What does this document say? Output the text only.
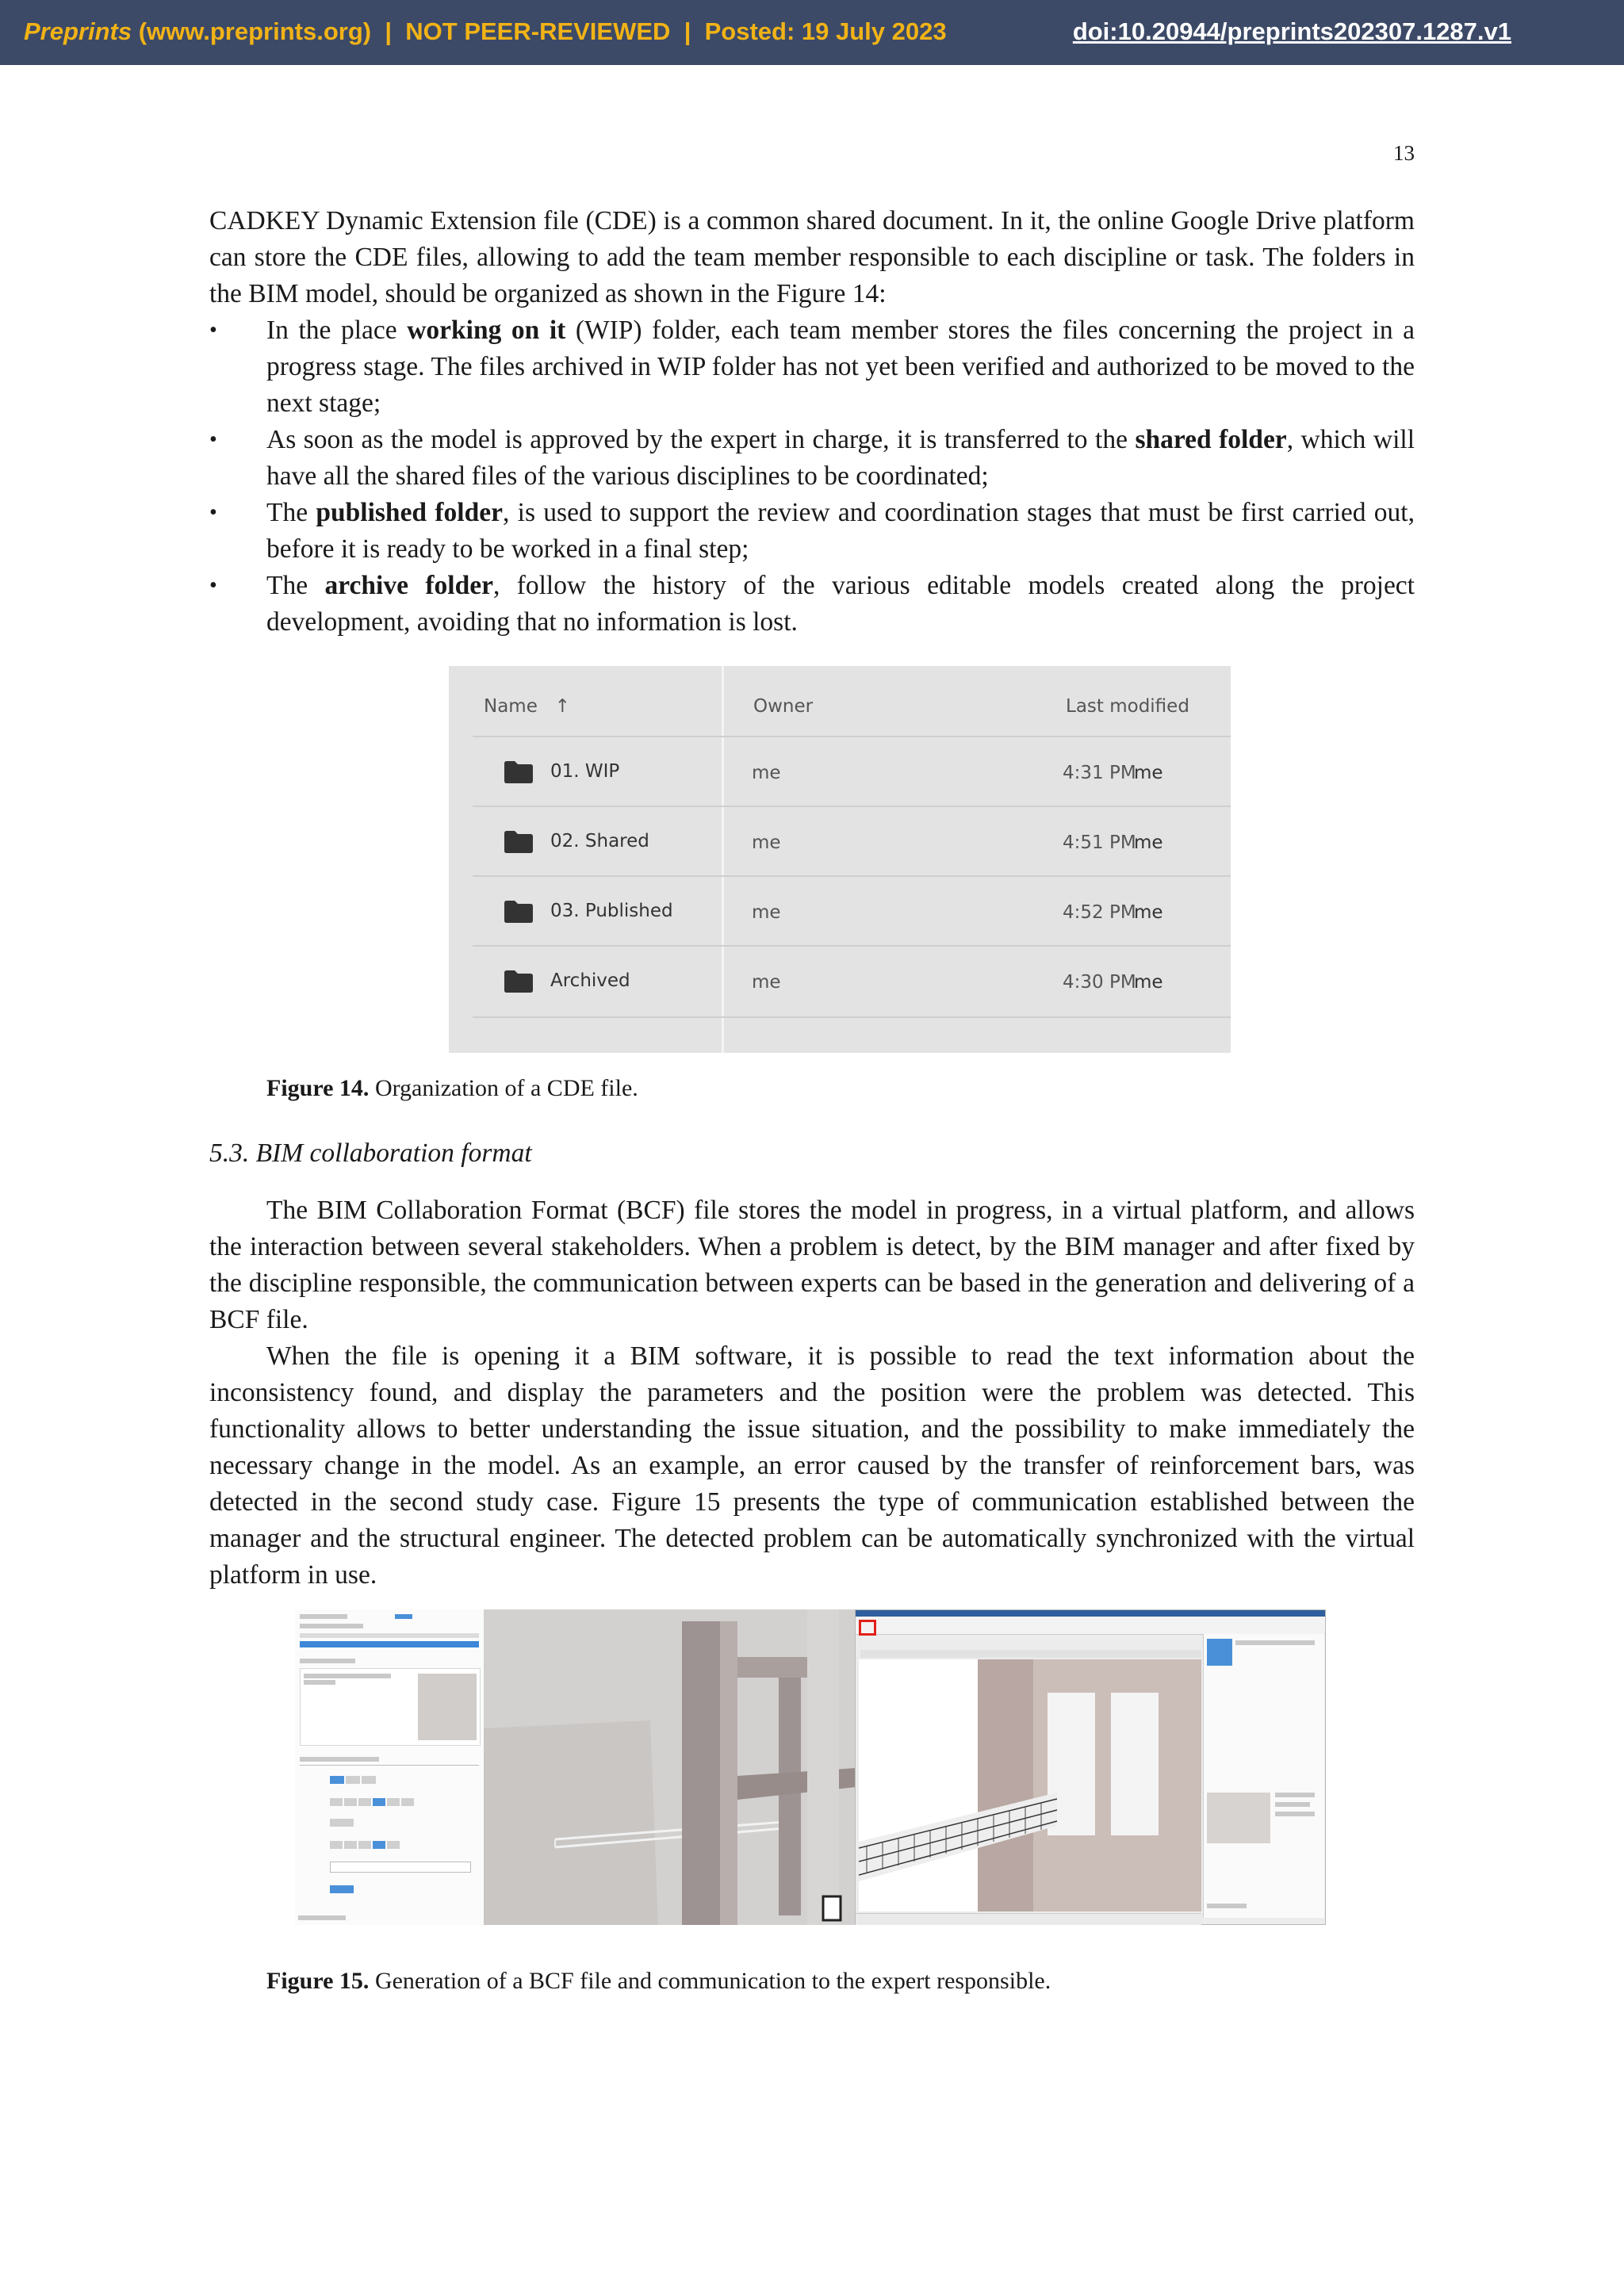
Preprints (www.preprints.org) | NOT PEER-REVIEWED | Posted: 19 July 2023	doi:10.20944/preprints202307.1287.v1
13

CADKEY Dynamic Extension file (CDE) is a common shared document. In it, the online Google Drive platform can store the CDE files, allowing to add the team member responsible to each discipline or task. The folders in the BIM model, should be organized as shown in the Figure 14:

• In the place working on it (WIP) folder, each team member stores the files concerning the project in a progress stage. The files archived in WIP folder has not yet been verified and authorized to be moved to the next stage;
• As soon as the model is approved by the expert in charge, it is transferred to the shared folder, which will have all the shared files of the various disciplines to be coordinated;
• The published folder, is used to support the review and coordination stages that must be first carried out, before it is ready to be worked in a final step;
• The archive folder, follow the history of the various editable models created along the project development, avoiding that no information is lost.
Name ↑	Owner	Last modified
01. WIP	me	4:31 PM
me
02. Shared	me	4:51 PM
me
03. Published	me	4:52 PM
me
Archived	me	4:30 PM
me
Figure 14. Organization of a CDE file.
5.3. BIM collaboration format

The BIM Collaboration Format (BCF) file stores the model in progress, in a virtual platform, and allows the interaction between several stakeholders. When a problem is detect, by the BIM manager and after fixed by the discipline responsible, the communication between experts can be based in the generation and delivering of a BCF file.

When the file is opening it a BIM software, it is possible to read the text information about the inconsistency found, and display the parameters and the position were the problem was detected. This functionality allows to better understanding the issue situation, and the possibility to make immediately the necessary change in the model. As an example, an error caused by the transfer of reinforcement bars, was detected in the second study case. Figure 15 presents the type of communication established between the manager and the structural engineer. The detected problem can be automatically synchronized with the virtual platform in use.

Figure 15. Generation of a BCF file and communication to the expert responsible.
